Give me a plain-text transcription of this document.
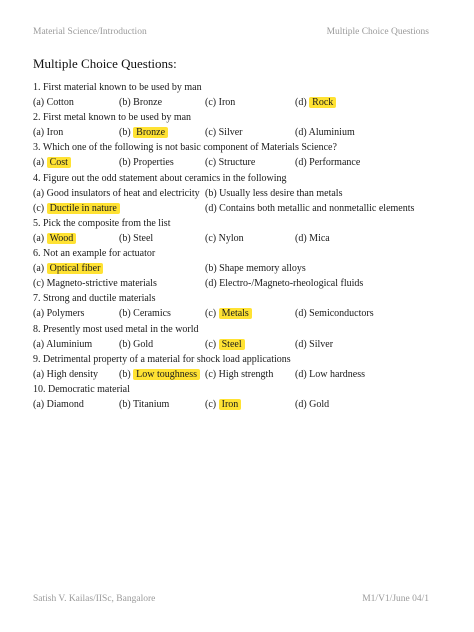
Material Science/Introduction	Multiple Choice Questions
Multiple Choice Questions:
1. First material known to be used by man
(a) Cotton	(b) Bronze	(c) Iron	(d) Rock
2. First metal known to be used by man
(a) Iron	(b) Bronze	(c) Silver	(d) Aluminium
3. Which one of the following is not basic component of Materials Science?
(a) Cost	(b) Properties	(c) Structure	(d) Performance
4. Figure out the odd statement about ceramics in the following
(a) Good insulators of heat and electricity (b) Usually less desire than metals
(c) Ductile in nature	(d) Contains both metallic and nonmetallic elements
5. Pick the composite from the list
(a) Wood	(b) Steel	(c) Nylon	(d) Mica
6. Not an example for actuator
(a) Optical fiber	(b) Shape memory alloys
(c) Magneto-strictive materials	(d) Electro-/Magneto-rheological fluids
7. Strong and ductile materials
(a) Polymers	(b) Ceramics	(c) Metals	(d) Semiconductors
8. Presently most used metal in the world
(a) Aluminium	(b) Gold	(c) Steel	(d) Silver
9. Detrimental property of a material for shock load applications
(a) High density (b) Low toughness (c) High strength (d) Low hardness
10. Democratic material
(a) Diamond	(b) Titanium	(c) Iron	(d) Gold
Satish V. Kailas/IISc, Bangalore	M1/V1/June 04/1
